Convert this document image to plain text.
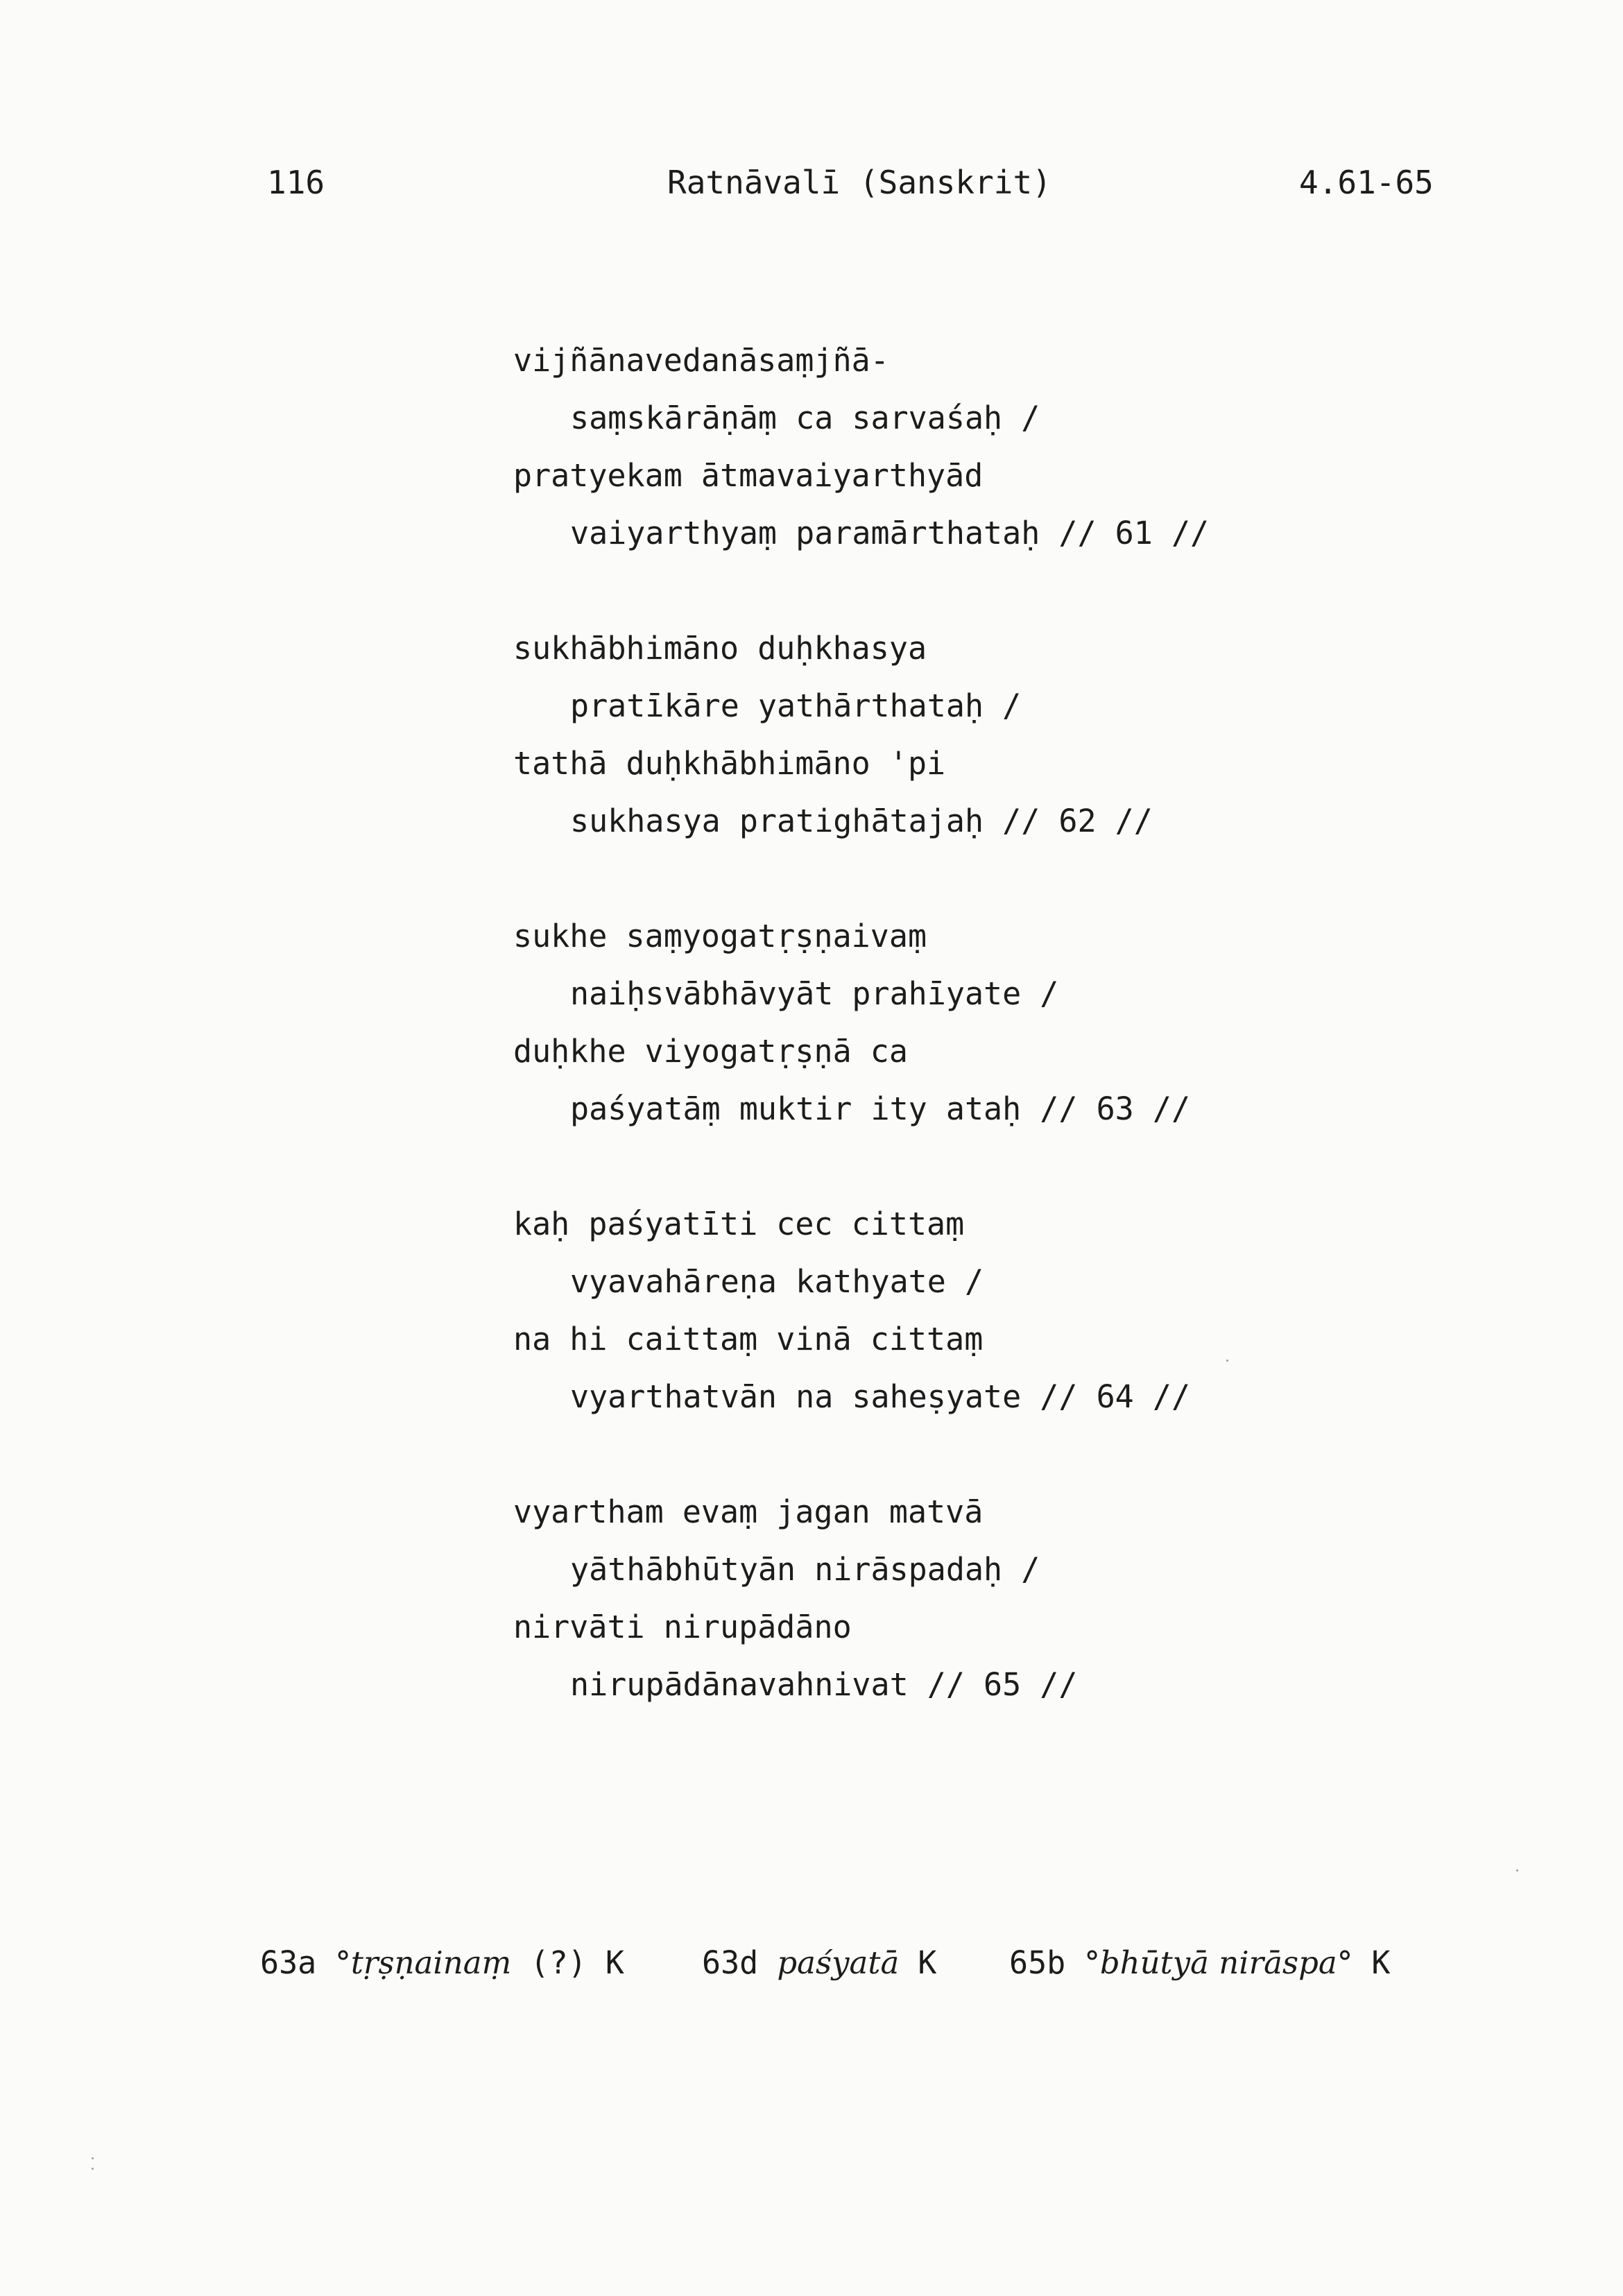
116	Ratnāvalī (Sanskrit)	4.61-65
vijñānavedanāsaṃjñā-
saṃskārāṇāṃ ca sarvaśaḥ /
pratyekam ātmavaiyarthyād
vaiyarthyaṃ paramārthataḥ // 61 //
sukhābhimāno duḥkhasya
pratīkāre yathārthataḥ /
tathā duḥkhābhimāno 'pi
sukhasya pratighātajaḥ // 62 //
sukhe saṃyogatṛṣṇaivaṃ
naiḥsvābhāvyāt prahīyate /
duḥkhe viyogatṛṣṇā ca
paśyatāṃ muktir ity ataḥ // 63 //
kaḥ paśyatīti cec cittaṃ
vyavahāreṇa kathyate /
na hi caittaṃ vinā cittaṃ
vyarthatvān na saheṣyate // 64 //
vyartham evaṃ jagan matvā
yāthābhūtyān nirāspadaḥ /
nirvāti nirupādāno
nirupādānavahnivat // 65 //
63a °tṛṣṇainaṃ (?) K 63d paśyatā K 65b °bhūtyā nirāspa° K
